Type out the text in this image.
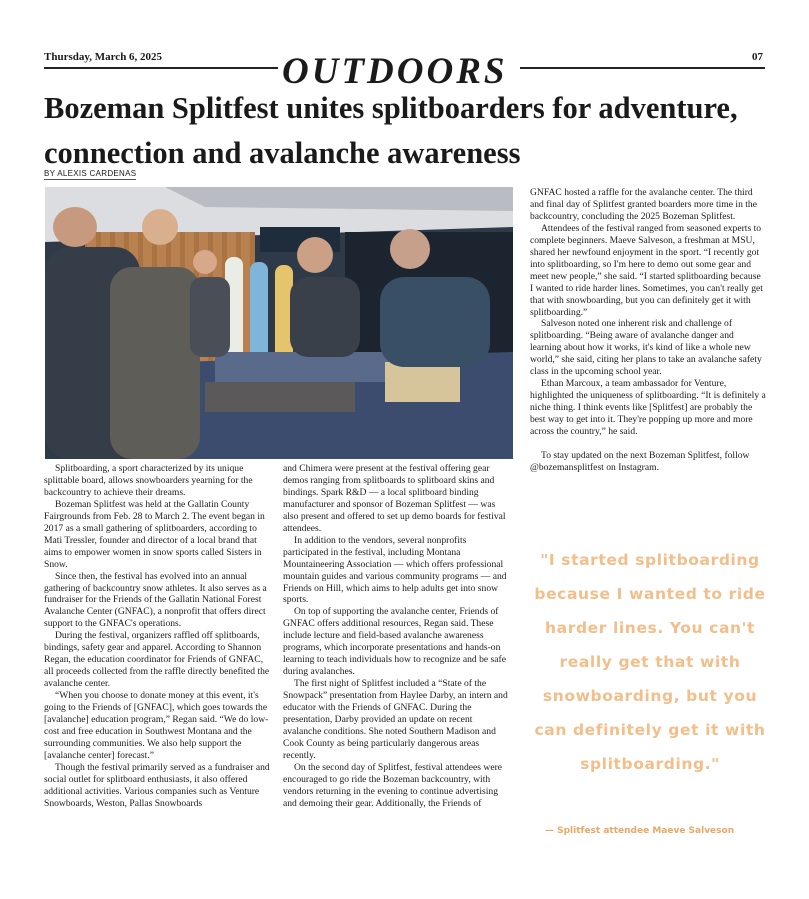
Thursday, March 6, 2025	07
OUTDOORS
Bozeman Splitfest unites splitboarders for adventure, connection and avalanche awareness
BY ALEXIS CARDENAS

Splitboarding, a sport characterized by its unique splittable board, allows snowboarders yearning for the backcountry to achieve their dreams.

Bozeman Splitfest was held at the Gallatin County Fairgrounds from Feb. 28 to March 2. The event began in 2017 as a small gathering of splitboarders, according to Mati Tressler, founder and director of a local brand that aims to empower women in snow sports called Sisters in Snow.

Since then, the festival has evolved into an annual gathering of backcountry snow athletes. It also serves as a fundraiser for the Friends of the Gallatin National Forest Avalanche Center (GNFAC), a nonprofit that offers direct support to the GNFAC's operations.

During the festival, organizers raffled off splitboards, bindings, safety gear and apparel. According to Shannon Regan, the education coordinator for Friends of GNFAC, all proceeds collected from the raffle directly benefited the avalanche center.

“When you choose to donate money at this event, it's going to the Friends of [GNFAC], which goes towards the [avalanche] education program,” Regan said. “We do low-cost and free education in Southwest Montana and the surrounding communities. We also help support the [avalanche center] forecast.”

Though the festival primarily served as a fundraiser and social outlet for splitboard enthusiasts, it also offered additional activities. Various companies such as Venture Snowboards, Weston, Pallas Snowboards

and Chimera were present at the festival offering gear demos ranging from splitboards to splitboard skins and bindings. Spark R&D — a local splitboard binding manufacturer and sponsor of Bozeman Splitfest — was also present and offered to set up demo boards for festival attendees.

In addition to the vendors, several nonprofits participated in the festival, including Montana Mountaineering Association — which offers professional mountain guides and various community programs — and Friends on Hill, which aims to help adults get into snow sports.

On top of supporting the avalanche center, Friends of GNFAC offers additional resources, Regan said. These include lecture and field-based avalanche awareness programs, which incorporate presentations and hands-on learning to teach individuals how to recognize and be safe during avalanches.

The first night of Splitfest included a “State of the Snowpack” presentation from Haylee Darby, an intern and educator with the Friends of GNFAC. During the presentation, Darby provided an update on recent avalanche conditions. She noted Southern Madison and Cook County as being particularly dangerous areas recently.

On the second day of Splitfest, festival attendees were encouraged to go ride the Bozeman backcountry, with vendors returning in the evening to continue advertising and demoing their gear. Additionally, the Friends of

GNFAC hosted a raffle for the avalanche center. The third and final day of Splitfest granted boarders more time in the backcountry, concluding the 2025 Bozeman Splitfest.

Attendees of the festival ranged from seasoned experts to complete beginners. Maeve Salveson, a freshman at MSU, shared her newfound enjoyment in the sport. “I recently got into splitboarding, so I'm here to demo out some gear and meet new people,” she said. “I started splitboarding because I wanted to ride harder lines. Sometimes, you can't really get that with snowboarding, but you can definitely get it with splitboarding.”

Salveson noted one inherent risk and challenge of splitboarding. “Being aware of avalanche danger and learning about how it works, it's kind of like a whole new world,” she said, citing her plans to take an avalanche safety class in the upcoming school year.

Ethan Marcoux, a team ambassador for Venture, highlighted the uniqueness of splitboarding. “It is definitely a niche thing. I think events like [Splitfest] are probably the best way to get into it. They're popping up more and more across the country,” he said.

To stay updated on the next Bozeman Splitfest, follow @bozemansplitfest on Instagram.

"I started splitboarding because I wanted to ride harder lines. You can't really get that with snowboarding, but you can definitely get it with splitboarding."
— Splitfest attendee Maeve Salveson
